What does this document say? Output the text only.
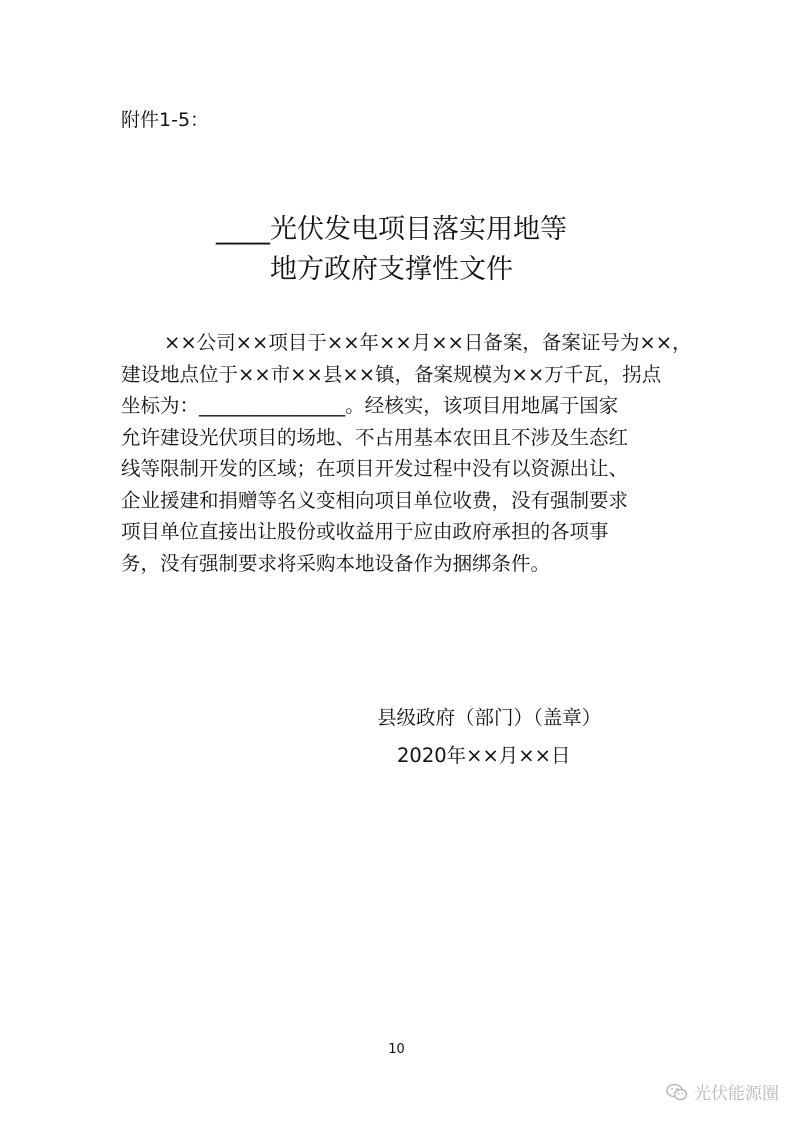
附件1-5：
____光伏发电项目落实用地等
地方政府支撑性文件
××公司××项目于××年××月××日备案，备案证号为××，
建设地点位于××市××县××镇，备案规模为××万千瓦，拐点
坐标为：_______________。经核实，该项目用地属于国家
允许建设光伏项目的场地、不占用基本农田且不涉及生态红
线等限制开发的区域；在项目开发过程中没有以资源出让、
企业援建和捐赠等名义变相向项目单位收费，没有强制要求
项目单位直接出让股份或收益用于应由政府承担的各项事
务，没有强制要求将采购本地设备作为捆绑条件。
县级政府（部门）（盖章）
2020年××月××日
10
光伏能源圈
